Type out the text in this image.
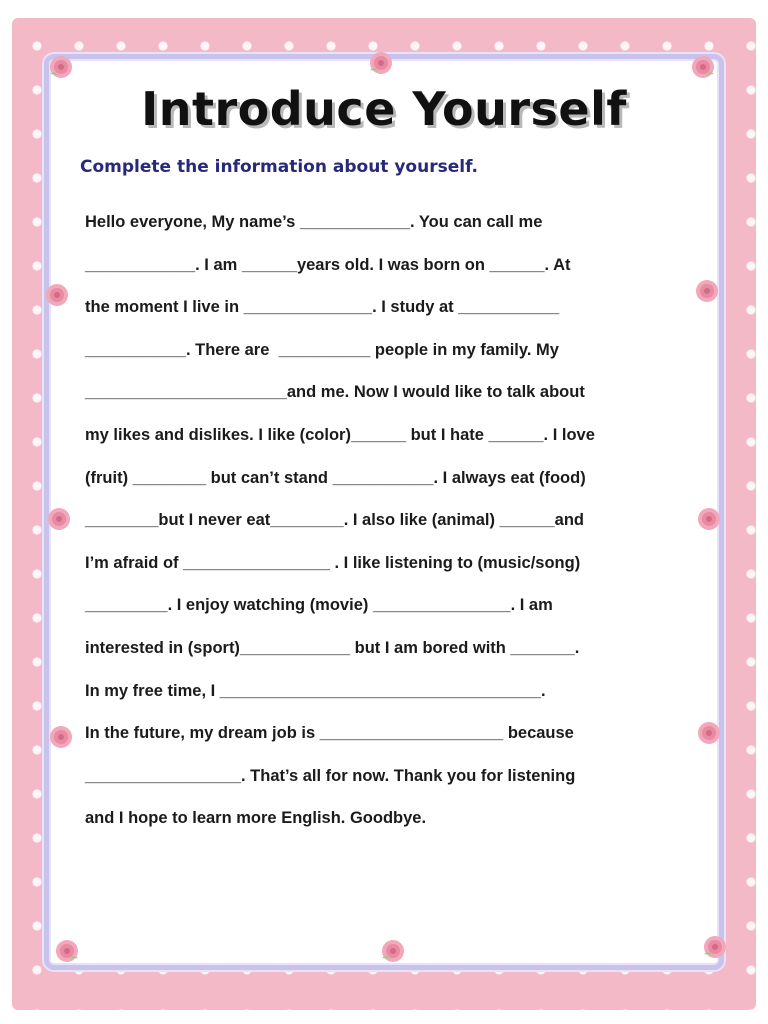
Introduce Yourself

Complete the information about yourself.

Hello everyone, My name’s ____________. You can call me
____________. I am ______years old. I was born on ______. At
the moment I live in ______________. I study at ___________
___________. There are  __________ people in my family. My
______________________and me. Now I would like to talk about
my likes and dislikes. I like (color)______ but I hate ______. I love
(fruit) ________ but can’t stand ___________. I always eat (food)
________but I never eat________. I also like (animal) ______and
I’m afraid of ________________ . I like listening to (music/song)
_________. I enjoy watching (movie) _______________. I am
interested in (sport)____________ but I am bored with _______.
In my free time, I ___________________________________.
In the future, my dream job is ____________________ because
_________________. That’s all for now. Thank you for listening
and I hope to learn more English. Goodbye.
